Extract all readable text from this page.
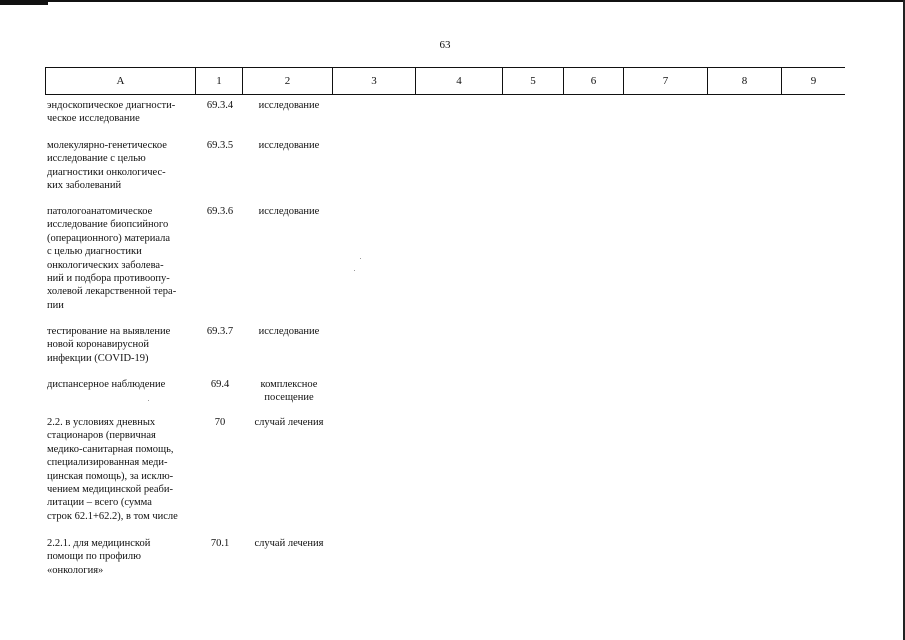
63
А	1	2	3	4	5	6	7	8	9
эндоскопическое диагности-
ческое исследование
69.3.4	исследование
молекулярно-генетическое
исследование с целью
диагностики онкологичес-
ких заболеваний
69.3.5	исследование
патологоанатомическое
исследование биопсийного
(операционного) материала
с целью диагностики
онкологических заболева-
ний и подбора противоопу-
холевой лекарственной тера-
пии
69.3.6	исследование
тестирование на выявление
новой коронавирусной
инфекции (COVID-19)
69.3.7	исследование
диспансерное наблюдение	69.4	комплексное
посещение
2.2. в условиях дневных
стационаров (первичная
медико-санитарная помощь,
специализированная меди-
цинская помощь), за исклю-
чением медицинской реаби-
литации – всего (сумма
строк 62.1+62.2), в том числе
70	случай лечения
2.2.1. для медицинской
помощи по профилю
«онкология»
70.1	случай лечения
